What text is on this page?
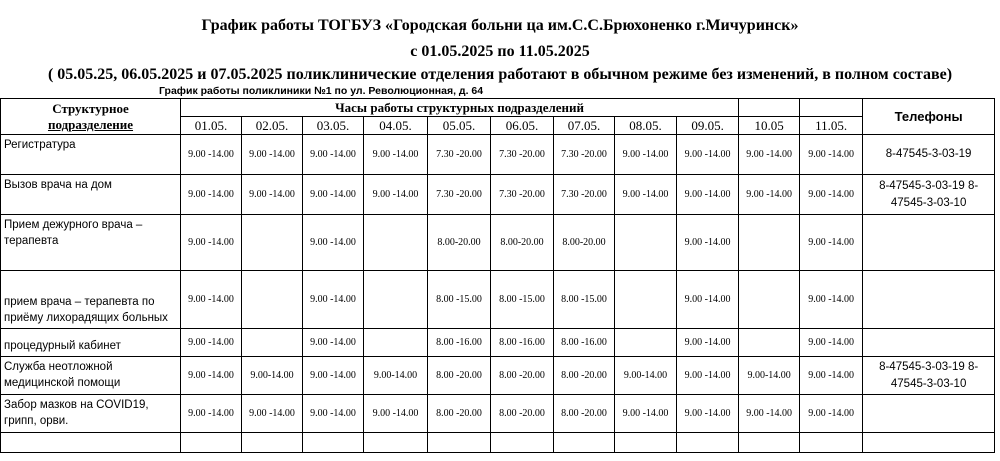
График работы ТОГБУЗ «Городская больни ца им.С.С.Брюхоненко г.Мичуринск»
с 01.05.2025 по 11.05.2025
( 05.05.25, 06.05.2025 и 07.05.2025 поликлинические отделения работают в обычном режиме без изменений, в полном составе)
График работы поликлиники №1 по ул. Революционная, д. 64
Структурное
подразделение	Часы работы структурных подразделений											Телефоны
	01.05.	02.05.	03.05.	04.05.	05.05.	06.05.	07.05.	08.05.	09.05.	10.05	11.05.	
Регистратура	9.00 -14.00	9.00 -14.00	9.00 -14.00	9.00 -14.00	7.30 -20.00	7.30 -20.00	7.30 -20.00	9.00 -14.00	9.00 -14.00	9.00 -14.00	9.00 -14.00	8-47545-3-03-19
Вызов врача на дом	9.00 -14.00	9.00 -14.00	9.00 -14.00	9.00 -14.00	7.30 -20.00	7.30 -20.00	7.30 -20.00	9.00 -14.00	9.00 -14.00	9.00 -14.00	9.00 -14.00	8-47545-3-03-19 8-47545-3-03-10
Прием дежурного врача – терапевта	9.00 -14.00		9.00 -14.00		8.00-20.00	8.00-20.00	8.00-20.00		9.00 -14.00		9.00 -14.00	
прием врача – терапевта по приёму лихорадящих больных	9.00 -14.00		9.00 -14.00		8.00 -15.00	8.00 -15.00	8.00 -15.00		9.00 -14.00		9.00 -14.00	
процедурный кабинет	9.00 -14.00		9.00 -14.00		8.00 -16.00	8.00 -16.00	8.00 -16.00		9.00 -14.00		9.00 -14.00	
Служба неотложной медицинской помощи	9.00 -14.00	9.00-14.00	9.00 -14.00	9.00-14.00	8.00 -20.00	8.00 -20.00	8.00 -20.00	9.00-14.00	9.00 -14.00	9.00-14.00	9.00 -14.00	8-47545-3-03-19 8-47545-3-03-10
Забор мазков на COVID19, грипп, орви.	9.00 -14.00	9.00 -14.00	9.00 -14.00	9.00 -14.00	8.00 -20.00	8.00 -20.00	8.00 -20.00	9.00 -14.00	9.00 -14.00	9.00 -14.00	9.00 -14.00	
